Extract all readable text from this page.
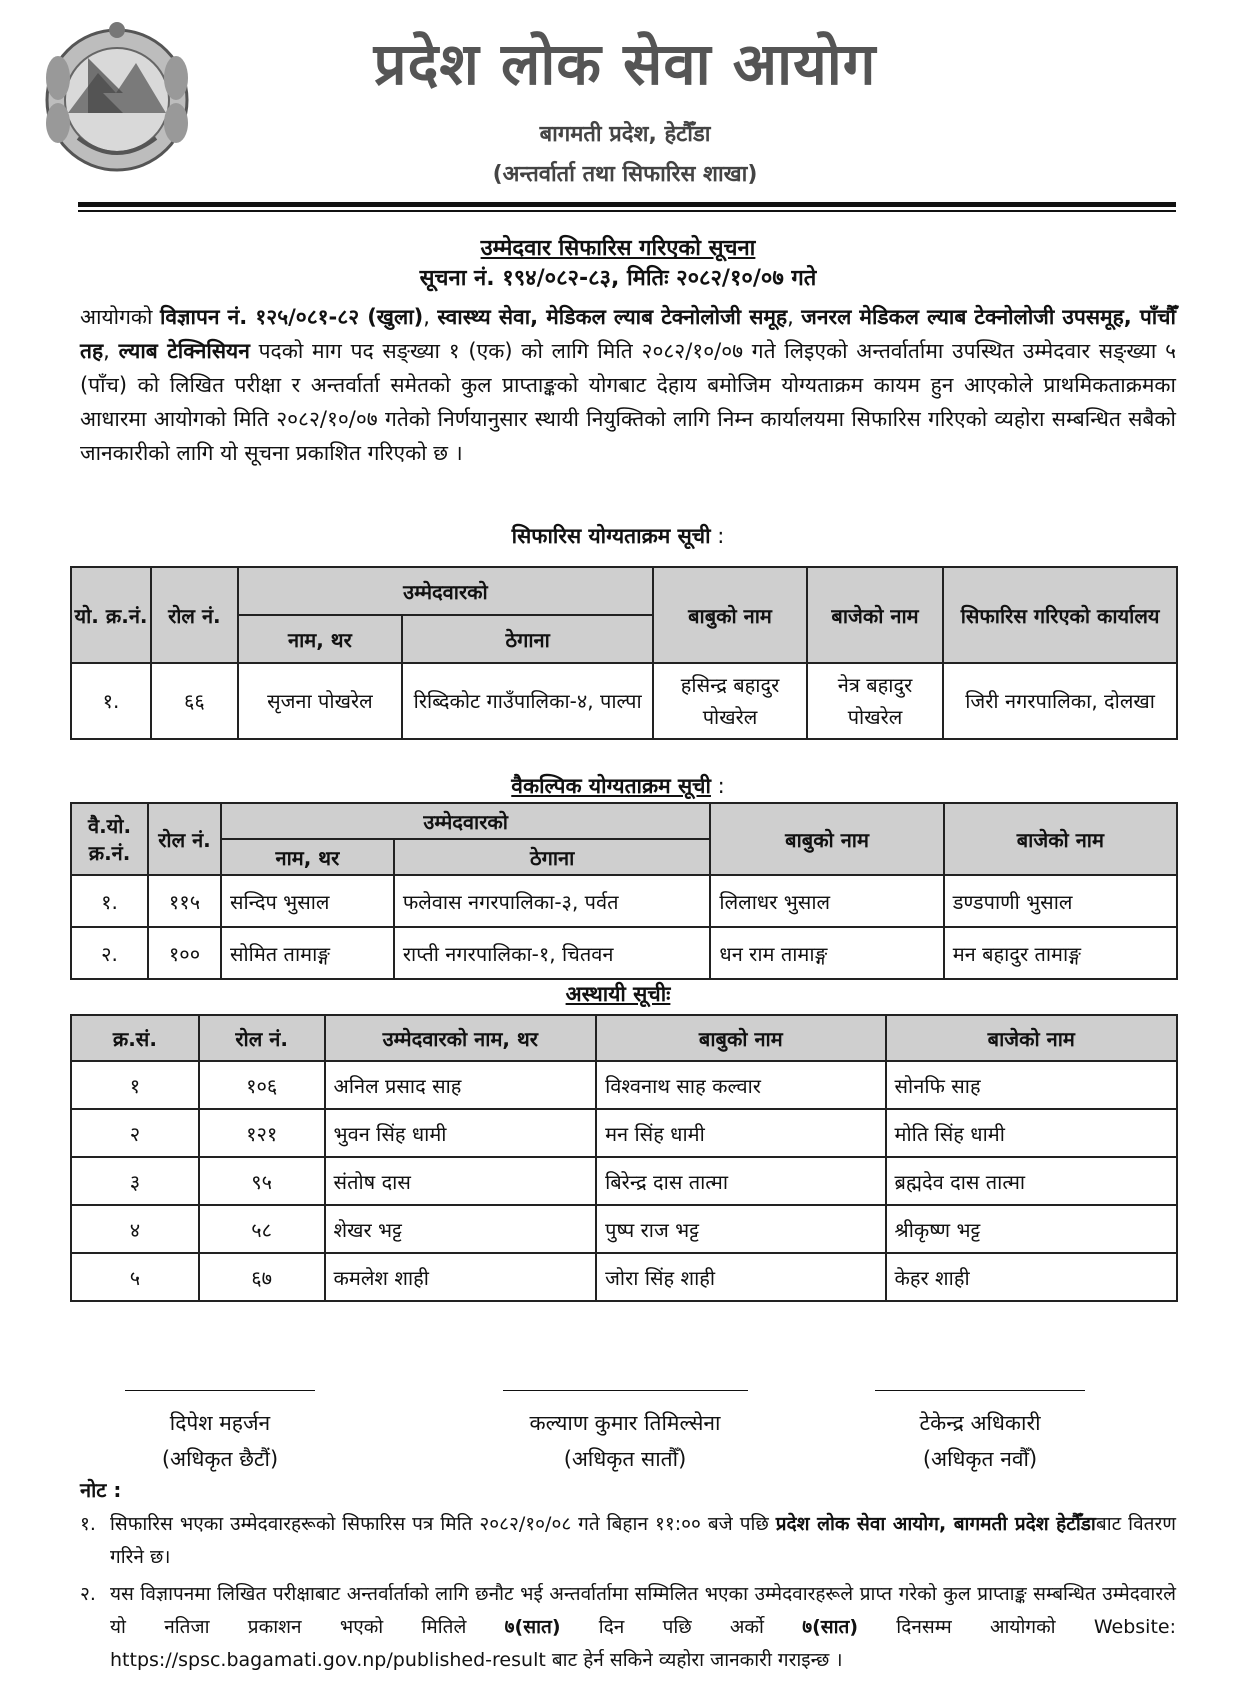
प्रदेश लोक सेवा आयोग
बागमती प्रदेश, हेटौँडा
(अन्तर्वार्ता तथा सिफारिस शाखा)
उम्मेदवार सिफारिस गरिएको सूचना
सूचना नं. १९४/०८२-८३, मितिः २०८२/१०/०७ गते
आयोगको विज्ञापन नं. १२५/०८१-८२ (खुला), स्वास्थ्य सेवा, मेडिकल ल्याब टेक्नोलोजी समूह, जनरल मेडिकल ल्याब टेक्नोलोजी उपसमूह, पाँचौँ तह, ल्याब टेक्निसियन पदको माग पद सङ्ख्या १ (एक) को लागि मिति २०८२/१०/०७ गते लिइएको अन्तर्वार्तामा उपस्थित उम्मेदवार सङ्ख्या ५ (पाँच) को लिखित परीक्षा र अन्तर्वार्ता समेतको कुल प्राप्ताङ्कको योगबाट देहाय बमोजिम योग्यताक्रम कायम हुन आएकोले प्राथमिकताक्रमका आधारमा आयोगको मिति २०८२/१०/०७ गतेको निर्णयानुसार स्थायी नियुक्तिको लागि निम्न कार्यालयमा सिफारिस गरिएको व्यहोरा सम्बन्धित सबैको जानकारीको लागि यो सूचना प्रकाशित गरिएको छ ।
सिफारिस योग्यताक्रम सूची :
यो. क्र.नं.	रोल नं.	उम्मेदवारको		बाबुको नाम	बाजेको नाम	सिफारिस गरिएको कार्यालय
		नाम, थर	ठेगाना			
१.	६६	सृजना पोखरेल	रिब्दिकोट गाउँपालिका-४, पाल्पा	हसिन्द्र बहादुर पोखरेल	नेत्र बहादुर पोखरेल	जिरी नगरपालिका, दोलखा
वैकल्पिक योग्यताक्रम सूची :
वै.यो. क्र.नं.	रोल नं.	उम्मेदवारको		बाबुको नाम	बाजेको नाम
		नाम, थर	ठेगाना		
१.	११५	सन्दिप भुसाल	फलेवास नगरपालिका-३, पर्वत	लिलाधर भुसाल	डण्डपाणी भुसाल
२.	१००	सोमित तामाङ्ग	राप्ती नगरपालिका-१, चितवन	धन राम तामाङ्ग	मन बहादुर तामाङ्ग
अस्थायी सूचीः
क्र.सं.	रोल नं.	उम्मेदवारको नाम, थर	बाबुको नाम	बाजेको नाम
१	१०६	अनिल प्रसाद साह	विश्वनाथ साह कल्वार	सोनफि साह
२	१२१	भुवन सिंह धामी	मन सिंह धामी	मोति सिंह धामी
३	९५	संतोष दास	बिरेन्द्र दास तात्मा	ब्रह्मदेव दास तात्मा
४	५८	शेखर भट्ट	पुष्प राज भट्ट	श्रीकृष्ण भट्ट
५	६७	कमलेश शाही	जोरा सिंह शाही	केहर शाही
दिपेश महर्जन
(अधिकृत छैटौं)
कल्याण कुमार तिमिल्सेना
(अधिकृत सातौँ)
टेकेन्द्र अधिकारी
(अधिकृत नवौँ)
नोट :
१. सिफारिस भएका उम्मेदवारहरूको सिफारिस पत्र मिति २०८२/१०/०८ गते बिहान ११:०० बजे पछि प्रदेश लोक सेवा आयोग, बागमती प्रदेश हेटौँडाबाट वितरण गरिने छ।
२. यस विज्ञापनमा लिखित परीक्षाबाट अन्तर्वार्ताको लागि छनौट भई अन्तर्वार्तामा सम्मिलित भएका उम्मेदवारहरूले प्राप्त गरेको कुल प्राप्ताङ्क सम्बन्धित उम्मेदवारले यो नतिजा प्रकाशन भएको मितिले ७(सात) दिन पछि अर्को ७(सात) दिनसम्म आयोगको Website: https://spsc.bagamati.gov.np/published-result बाट हेर्न सकिने व्यहोरा जानकारी गराइन्छ ।
